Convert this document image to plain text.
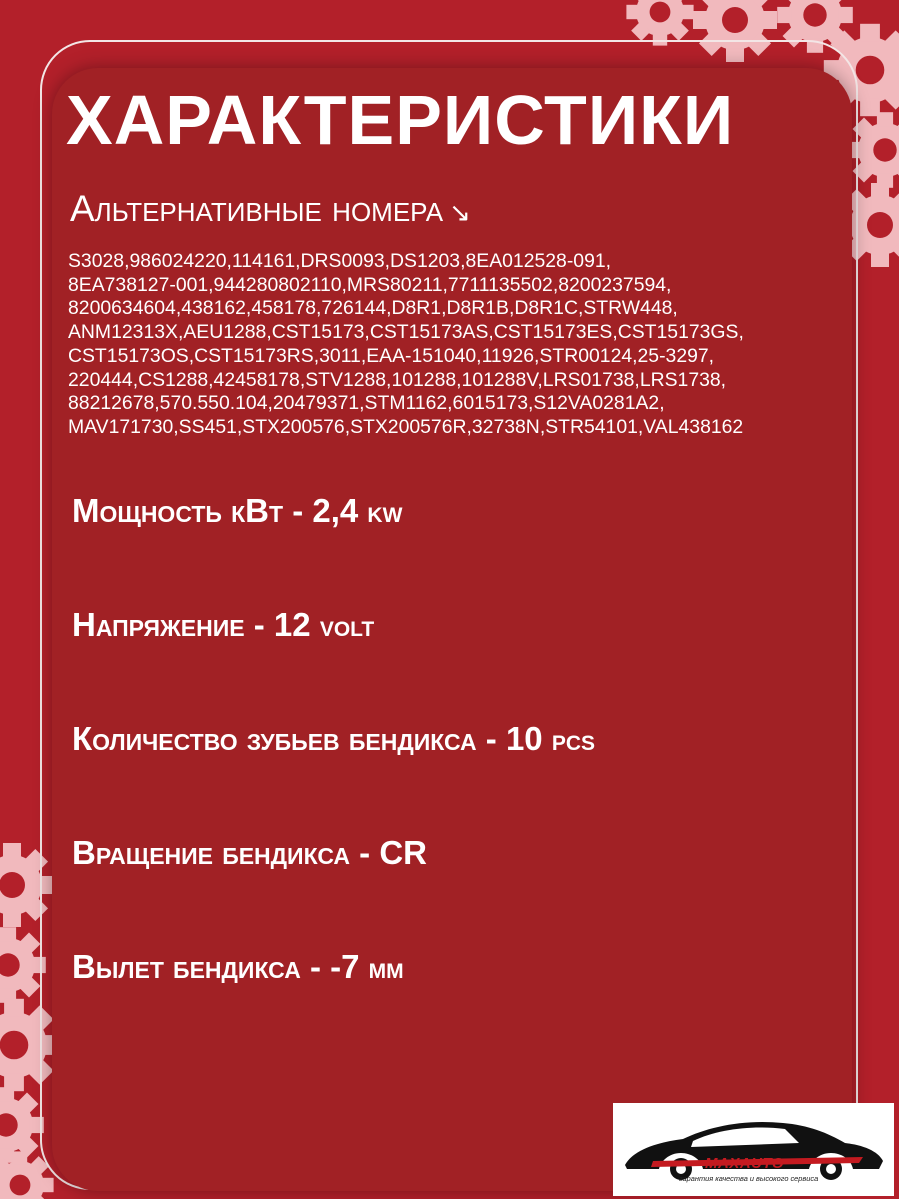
ХАРАКТЕРИСТИКИ
Альтернативные номера ↘
S3028,986024220,114161,DRS0093,DS1203,8EA012528-091,
8EA738127-001,944280802110,MRS80211,7711135502,8200237594,
8200634604,438162,458178,726144,D8R1,D8R1B,D8R1C,STRW448,
ANM12313X,AEU1288,CST15173,CST15173AS,CST15173ES,CST15173GS,
CST15173OS,CST15173RS,3011,EAA-151040,11926,STR00124,25-3297,
220444,CS1288,42458178,STV1288,101288,101288V,LRS01738,LRS1738,
88212678,570.550.104,20479371,STM1162,6015173,S12VA0281A2,
MAV171730,SS451,STX200576,STX200576R,32738N,STR54101,VAL438162
Мощность кВт - 2,4 kw
Напряжение - 12 volt
Количество зубьев бендикса - 10 pcs
Вращение бендикса - CR
Вылет бендикса - -7 мм
MAXAUTO
гарантия качества и высокого сервиса
